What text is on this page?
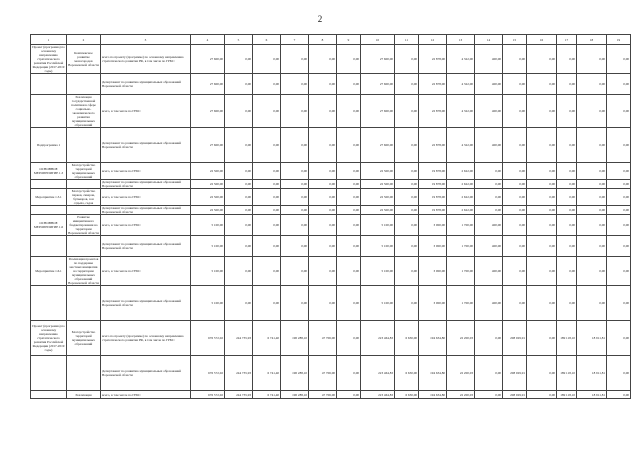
2
1	2	3	4	5	6	7	8	9	10	11	12	13	14	15	16	17	18	19
Проект (программа) по основному направлению стратегического развития Российской Федерации (2017-2019 годы)	Комплексное развитие моногородов Воронежской области	всего по проекту (программе) по основному направлению стратегического развития РФ, в том числе по ГРБС:	27 600,00	0,00	0,00	0,00	0,00	0,00	27 600,00	0,00	22 878,00	4 322,00	400,00	0,00	0,00	0,00	0,00	0,00
		Департамент по развитию муниципальных образований Воронежской области	27 600,00	0,00	0,00	0,00	0,00	0,00	27 600,00	0,00	22 878,00	4 322,00	400,00	0,00	0,00	0,00	0,00	0,00
	Реализация государственной политики в сфере социально-экономического развития муниципальных образований	всего, в том числе по ГРБС:	27 600,00	0,00	0,00	0,00	0,00	0,00	27 600,00	0,00	22 878,00	4 322,00	400,00	0,00	0,00	0,00	0,00	0,00
Подпрограмма 1		Департамент по развитию муниципальных образований Воронежской области	27 600,00	0,00	0,00	0,00	0,00	0,00	27 600,00	0,00	22 878,00	4 322,00	400,00	0,00	0,00	0,00	0,00	0,00
ОСНОВНОЕ МЕРОПРИЯТИЕ 1.3	Благоустройство территорий муниципальных образований	всего, в том числе по ГРБС:	22 500,00	0,00	0,00	0,00	0,00	0,00	22 500,00	0,00	19 878,00	2 622,00	0,00	0,00	0,00	0,00	0,00	0,00
		Департамент по развитию муниципальных образований Воронежской области	22 500,00	0,00	0,00	0,00	0,00	0,00	22 500,00	0,00	19 878,00	2 622,00	0,00	0,00	0,00	0,00	0,00	0,00
Мероприятие 1.3.1	Благоустройство парков, скверов, бульваров, зон отдыха, садов	всего, в том числе по ГРБС:	22 500,00	0,00	0,00	0,00	0,00	0,00	22 500,00	0,00	19 878,00	2 622,00	0,00	0,00	0,00	0,00	0,00	0,00
		Департамент по развитию муниципальных образований Воронежской области	22 500,00	0,00	0,00	0,00	0,00	0,00	22 500,00	0,00	19 878,00	2 622,00	0,00	0,00	0,00	0,00	0,00	0,00
ОСНОВНОЕ МЕРОПРИЯТИЕ 1.6	Развитие инициативного бюджетирования на территории Воронежской области	всего, в том числе по ГРБС:	5 100,00	0,00	0,00	0,00	0,00	0,00	5 100,00	0,00	3 000,00	1 700,00	400,00	0,00	0,00	0,00	0,00	0,00
		Департамент по развитию муниципальных образований Воронежской области	5 100,00	0,00	0,00	0,00	0,00	0,00	5 100,00	0,00	3 000,00	1 700,00	400,00	0,00	0,00	0,00	0,00	0,00
Мероприятие 1.6.1	Реализация проектов по поддержке местных инициатив на территории муниципальных образований Воронежской области	всего, в том числе по ГРБС:	5 100,00	0,00	0,00	0,00	0,00	0,00	5 100,00	0,00	3 000,00	1 700,00	400,00	0,00	0,00	0,00	0,00	0,00
		Департамент по развитию муниципальных образований Воронежской области	5 100,00	0,00	0,00	0,00	0,00	0,00	5 100,00	0,00	3 000,00	1 700,00	400,00	0,00	0,00	0,00	0,00	0,00
Проект (программа) по основному направлению стратегического развития Российской Федерации (2017-2019 годы)	Благоустройство территорий муниципальных образований	всего по проекту (программе) по основному направлению стратегического развития РФ, в том числе по ГРБС:	676 572,02	244 735,93	6 741,40	190 288,10	47 706,00	0,00	223 464,83	6 630,00	194 634,80	22 200,03	0,00	208 029,91	0,00	189 118,10	18 911,81	0,00
		Департамент по развитию муниципальных образований Воронежской области	676 572,02	244 735,93	6 741,40	190 288,10	47 706,00	0,00	223 464,83	6 630,00	194 634,80	22 200,03	0,00	208 029,91	0,00	189 118,10	18 911,81	0,00
	Реализация	всего, в том числе по ГРБС:	676 572,02	244 735,93	6 741,40	190 288,10	47 706,00	0,00	223 464,83	6 630,00	194 634,80	22 200,03	0,00	208 029,91	0,00	189 118,10	18 911,81	0,00
